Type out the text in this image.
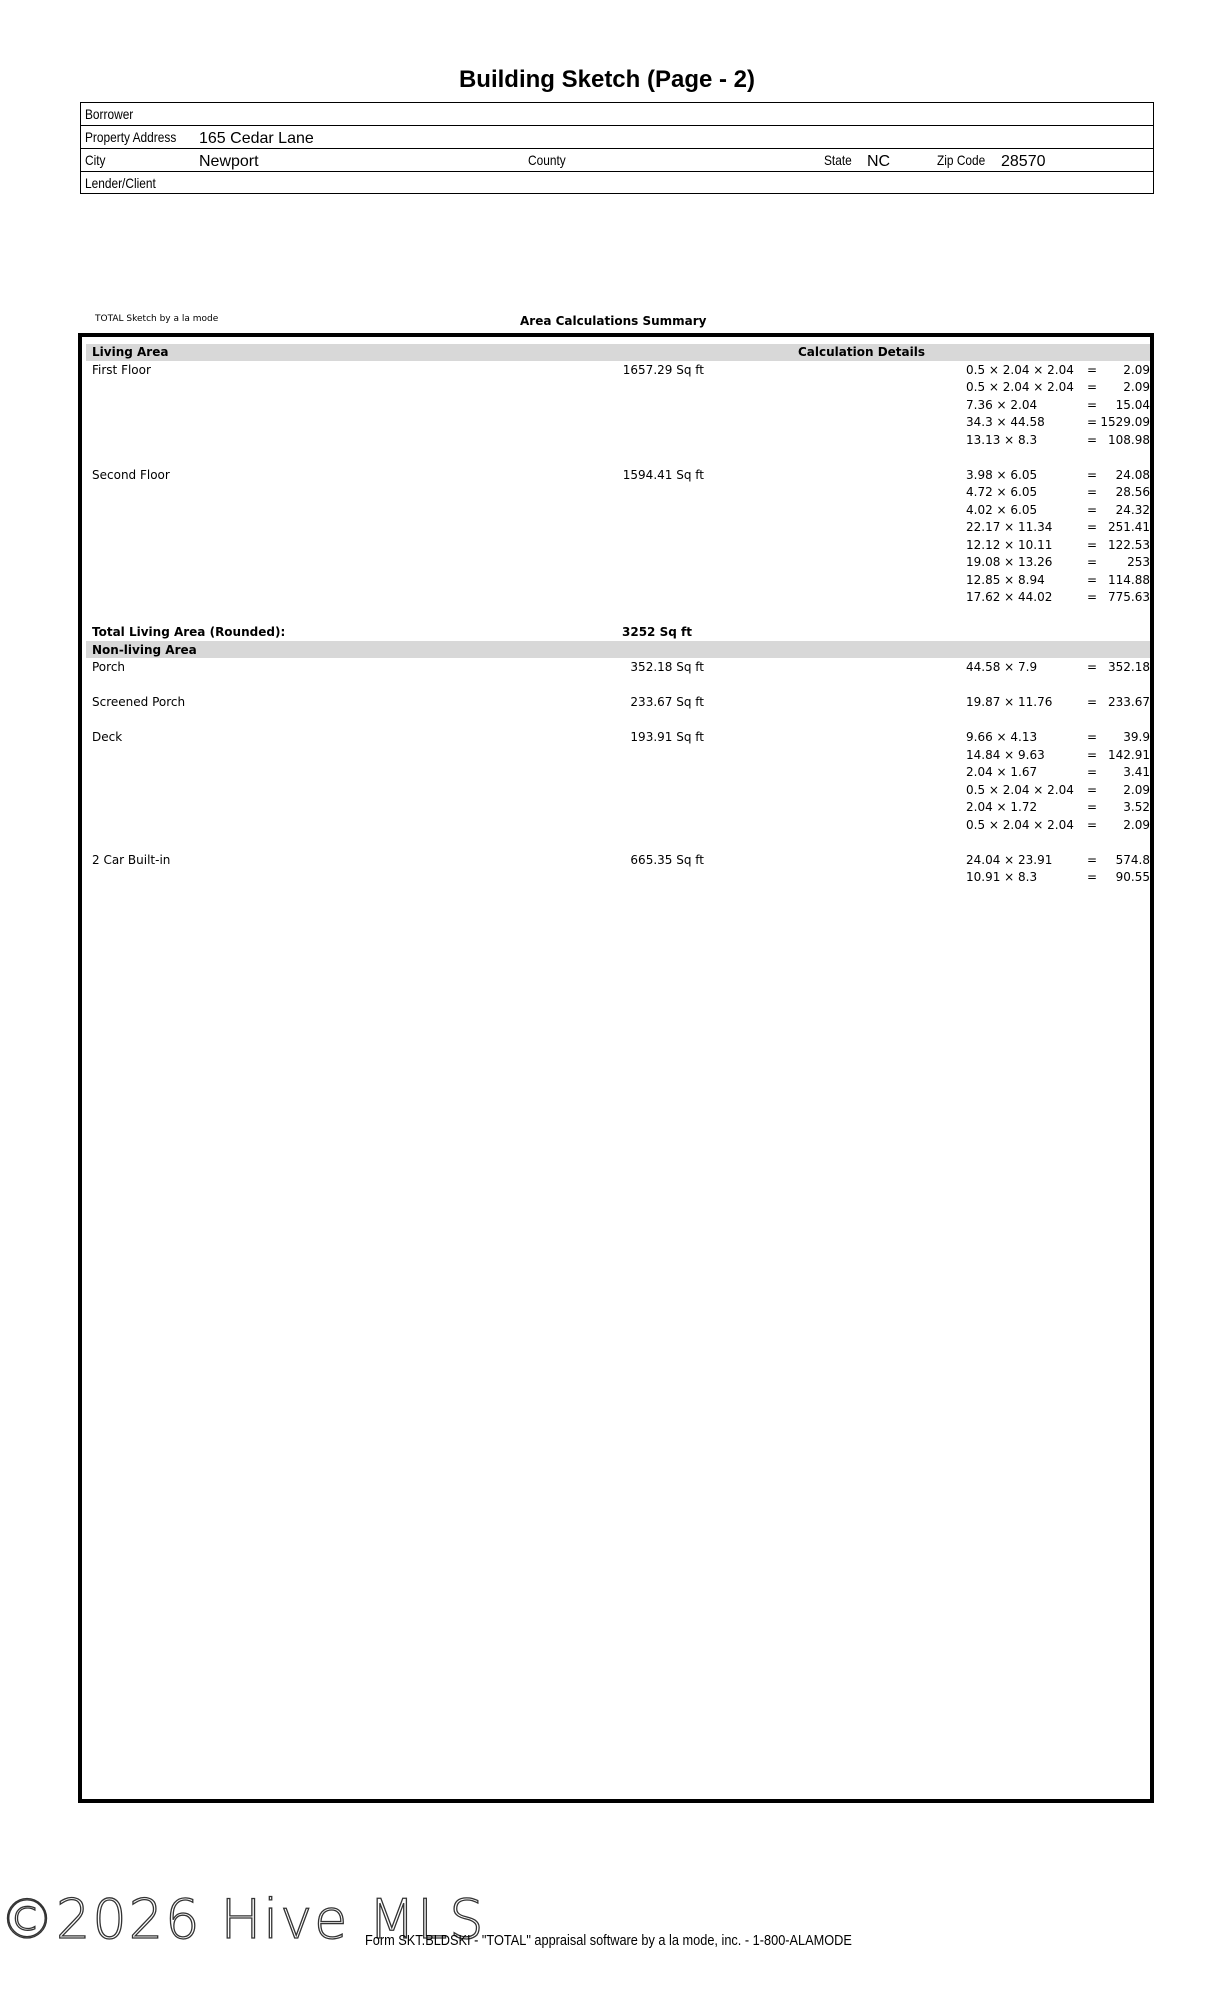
Building Sketch (Page - 2)
Borrower
Property Address 165 Cedar Lane
City	Newport	County	State NC	Zip Code 28570
Lender/Client
TOTAL Sketch by a la mode	Area Calculations Summary
Living Area	Calculation Details
First Floor	1657.29 Sq ft	0.5 × 2.04 × 2.04	=	2.09
0.5 × 2.04 × 2.04	=	2.09
7.36 × 2.04	=	15.04
34.3 × 44.58	= 1529.09
13.13 × 8.3	= 108.98
Second Floor	1594.41 Sq ft	3.98 × 6.05	=	24.08
4.72 × 6.05	=	28.56
4.02 × 6.05	=	24.32
22.17 × 11.34	= 251.41
12.12 × 10.11	= 122.53
19.08 × 13.26	=	253
12.85 × 8.94	= 114.88
17.62 × 44.02	= 775.63
Total Living Area (Rounded):	3252 Sq ft
Non-living Area
Porch	352.18 Sq ft	44.58 × 7.9	= 352.18
Screened Porch	233.67 Sq ft	19.87 × 11.76	= 233.67
Deck	193.91 Sq ft	9.66 × 4.13	=	39.9
14.84 × 9.63	= 142.91
2.04 × 1.67	=	3.41
0.5 × 2.04 × 2.04	=	2.09
2.04 × 1.72	=	3.52
0.5 × 2.04 × 2.04	=	2.09
2 Car Built-in	665.35 Sq ft	24.04 × 23.91	=	574.8
10.91 × 8.3	=	90.55
©2026 Hive MLS
Form SKT.BLDSKI - "TOTAL" appraisal software by a la mode, inc. - 1-800-ALAMODE
